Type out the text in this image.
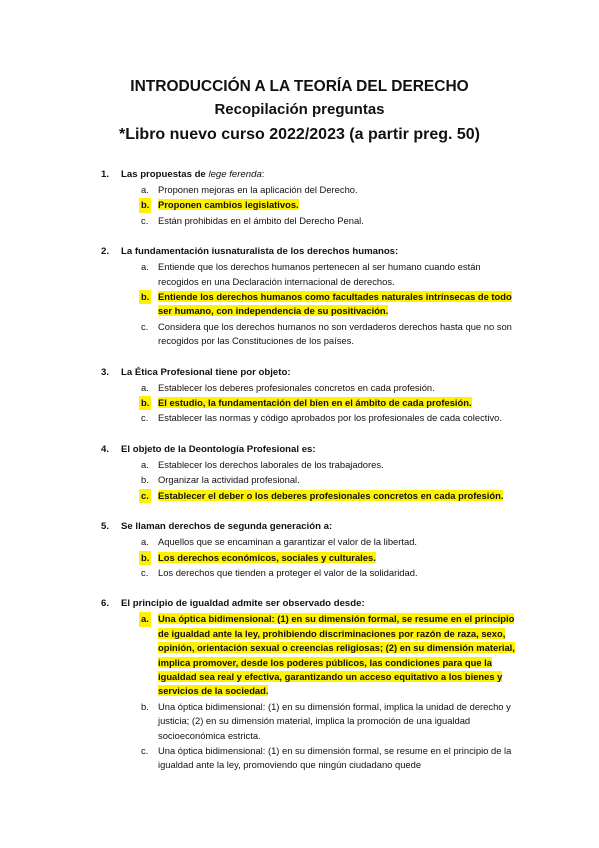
INTRODUCCIÓN A LA TEORÍA DEL DERECHO
Recopilación preguntas
*Libro nuevo curso 2022/2023 (a partir preg. 50)
1. Las propuestas de lege ferenda:
a. Proponen mejoras en la aplicación del Derecho.
b. Proponen cambios legislativos.
c. Están prohibidas en el ámbito del Derecho Penal.
2. La fundamentación iusnaturalista de los derechos humanos:
a. Entiende que los derechos humanos pertenecen al ser humano cuando están recogidos en una Declaración internacional de derechos.
b. Entiende los derechos humanos como facultades naturales intrínsecas de todo ser humano, con independencia de su positivación.
c. Considera que los derechos humanos no son verdaderos derechos hasta que no son recogidos por las Constituciones de los países.
3. La Ética Profesional tiene por objeto:
a. Establecer los deberes profesionales concretos en cada profesión.
b. El estudio, la fundamentación del bien en el ámbito de cada profesión.
c. Establecer las normas y código aprobados por los profesionales de cada colectivo.
4. El objeto de la Deontología Profesional es:
a. Establecer los derechos laborales de los trabajadores.
b. Organizar la actividad profesional.
c. Establecer el deber o los deberes profesionales concretos en cada profesión.
5. Se llaman derechos de segunda generación a:
a. Aquellos que se encaminan a garantizar el valor de la libertad.
b. Los derechos económicos, sociales y culturales.
c. Los derechos que tienden a proteger el valor de la solidaridad.
6. El principio de igualdad admite ser observado desde:
a. Una óptica bidimensional: (1) en su dimensión formal, se resume en el principio de igualdad ante la ley, prohibiendo discriminaciones por razón de raza, sexo, opinión, orientación sexual o creencias religiosas; (2) en su dimensión material, implica promover, desde los poderes públicos, las condiciones para que la igualdad sea real y efectiva, garantizando un acceso equitativo a los bienes y servicios de la sociedad.
b. Una óptica bidimensional: (1) en su dimensión formal, implica la unidad de derecho y justicia; (2) en su dimensión material, implica la promoción de una igualdad socioeconómica estricta.
c. Una óptica bidimensional: (1) en su dimensión formal, se resume en el principio de la igualdad ante la ley, promoviendo que ningún ciudadano quede
